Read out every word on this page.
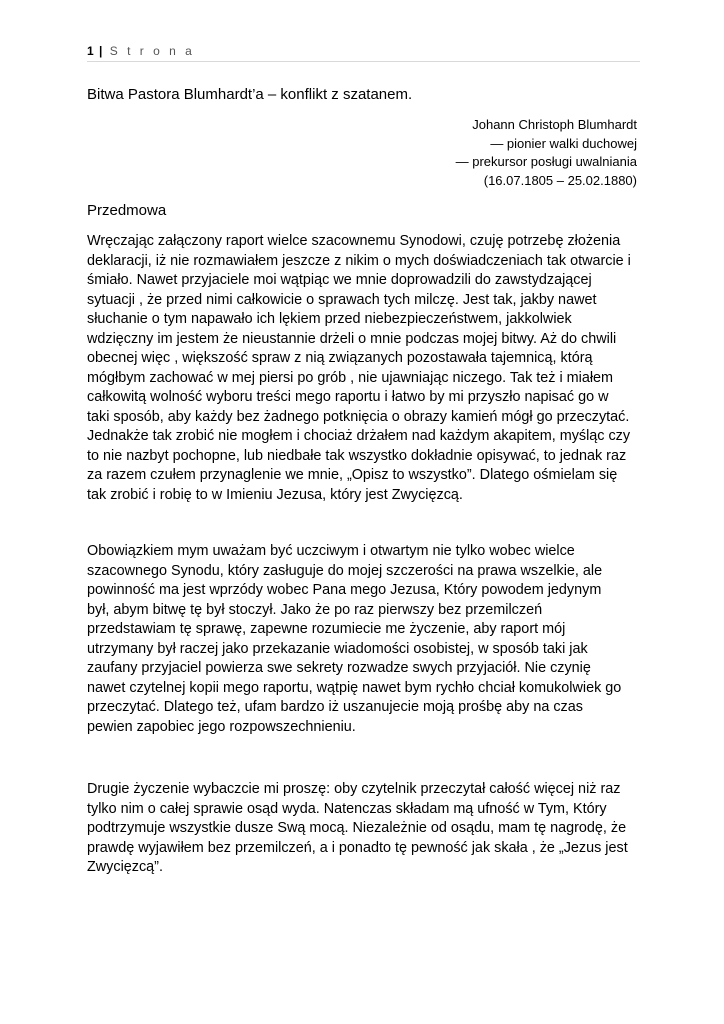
1 | S t r o n a
Bitwa Pastora Blumhardt’a – konflikt z szatanem.
Johann Christoph Blumhardt
— pionier walki duchowej
— prekursor posługi uwalniania
(16.07.1805 – 25.02.1880)
Przedmowa
Wręczając załączony raport wielce szacownemu Synodowi, czuję potrzebę złożenia
deklaracji, iż nie rozmawiałem jeszcze z nikim o mych doświadczeniach tak otwarcie i
śmiało. Nawet przyjaciele moi wątpiąc we mnie doprowadzili do zawstydzającej
sytuacji , że przed nimi całkowicie o sprawach tych milczę. Jest tak, jakby nawet
słuchanie o tym napawało ich lękiem przed niebezpieczeństwem, jakkolwiek
wdzięczny im jestem że nieustannie drżeli o mnie podczas mojej bitwy. Aż do chwili
obecnej więc , większość spraw z nią związanych pozostawała tajemnicą, którą
mógłbym zachować w mej piersi po grób , nie ujawniając niczego. Tak też i miałem
całkowitą wolność wyboru treści mego raportu i łatwo by mi przyszło napisać go w
taki sposób, aby każdy bez żadnego potknięcia o obrazy kamień mógł go przeczytać.
Jednakże tak zrobić nie mogłem i chociaż drżałem nad każdym akapitem, myśląc czy
to nie nazbyt pochopne, lub niedbałe tak wszystko dokładnie opisywać, to jednak raz
za razem czułem przynaglenie we mnie, „Opisz to wszystko”. Dlatego ośmielam się
tak zrobić i robię to w Imieniu Jezusa, który jest Zwycięzcą.
Obowiązkiem mym uważam być uczciwym i otwartym nie tylko wobec wielce
szacownego Synodu, który zasługuje do mojej szczerości na prawa wszelkie, ale
powinność ma jest wprzódy wobec Pana mego Jezusa, Który powodem jedynym
był, abym bitwę tę był stoczył. Jako że po raz pierwszy bez przemilczeń
przedstawiam tę sprawę, zapewne rozumiecie me życzenie, aby raport mój
utrzymany był raczej jako przekazanie wiadomości osobistej, w sposób taki jak
zaufany przyjaciel powierza swe sekrety rozwadze swych przyjaciół. Nie czynię
nawet czytelnej kopii mego raportu, wątpię nawet bym rychło chciał komukolwiek go
przeczytać. Dlatego też, ufam bardzo iż uszanujecie moją prośbę aby na czas
pewien zapobiec jego rozpowszechnieniu.
Drugie życzenie wybaczcie mi proszę: oby czytelnik przeczytał całość więcej niż raz
tylko nim o całej sprawie osąd wyda. Natenczas składam mą ufność w Tym, Który
podtrzymuje wszystkie dusze Swą mocą. Niezależnie od osądu, mam tę nagrodę, że
prawdę wyjawiłem bez przemilczeń, a i ponadto tę pewność jak skała , że „Jezus jest
Zwycięzcą”.
